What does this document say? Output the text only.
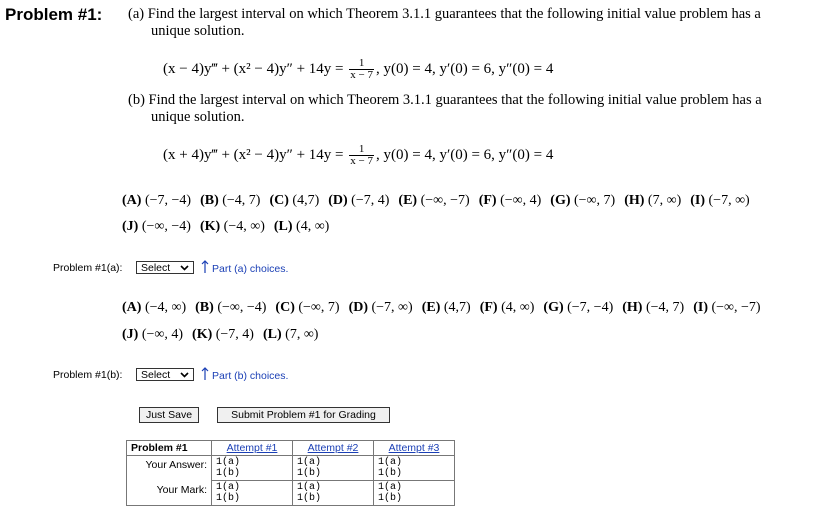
Problem #1: (a) Find the largest interval on which Theorem 3.1.1 guarantees that the following initial value problem has a
unique solution.
(x − 4)y‴ + $(x^2 - 4)y'' + 14y = \frac{1}{x - 7}$ , y(0) = 4, y′(0) = 6, y″(0) = 4
(b) Find the largest interval on which Theorem 3.1.1 guarantees that the following initial value problem has a
unique solution.
(x + 4)y‴ + $(x^2 - 4)y'' + 14y = \frac{1}{x - 7}$ , y(0) = 4, y′(0) = 6, y″(0) = 4
(A) (−7, −4) (B) (−4, 7) (C) (4,7) (D) (−7, 4) (E) (−∞, −7) (F) (−∞, 4) (G) (−∞, 7) (H) (7, ∞) (I) (−7, ∞)
(J) (−∞, −4) (K) (−4, ∞) (L) (4, ∞)
Problem #1(a):	Select	Part (a) choices.
(A) (−4, ∞) (B) (−∞, −4) (C) (−∞, 7) (D) (−7, ∞) (E) (4,7) (F) (4, ∞) (G) (−7, −4) (H) (−4, 7) (I) (−∞, −7)
(J) (−∞, 4) (K) (−7, 4) (L) (7, ∞)
Problem #1(b):	Select	Part (b) choices.
Just Save	Submit Problem #1 for Grading
Problem #1	Attempt #1	Attempt #2	Attempt #3
Your Answer:	1(a)
1(b)	1(a)
1(b)	1(a)
1(b)
Your Mark:	1(a)
1(b)	1(a)
1(b)	1(a)
1(b)
